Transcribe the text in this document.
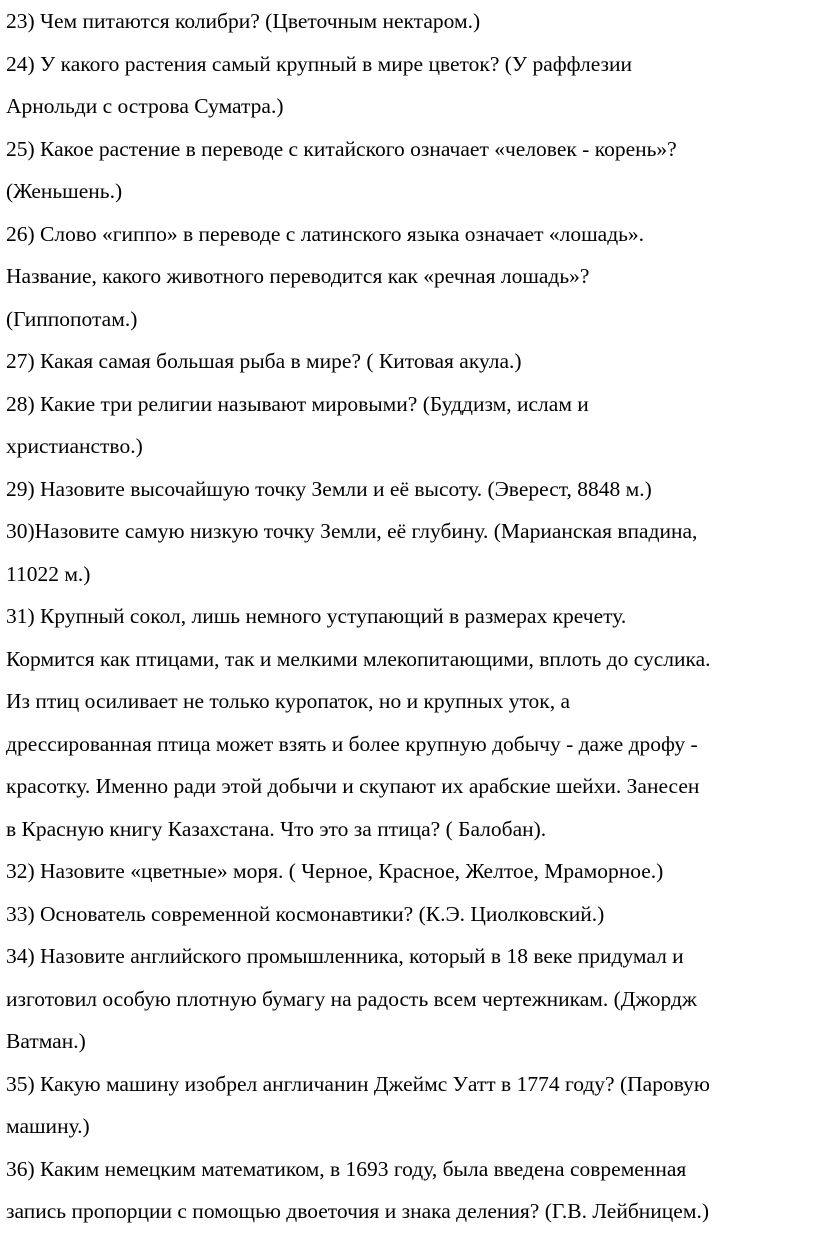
23) Чем питаются колибри? (Цветочным нектаром.)
24) У какого растения самый крупный в мире цветок? (У раффлезии
Арнольди с острова Суматра.)
25) Какое растение в переводе с китайского означает «человек - корень»?
(Женьшень.)
26) Слово «гиппо» в переводе с латинского языка означает «лошадь».
Название, какого животного переводится как «речная лошадь»?
(Гиппопотам.)
27) Какая самая большая рыба в мире? ( Китовая акула.)
28) Какие три религии называют мировыми? (Буддизм, ислам и
христианство.)
29) Назовите высочайшую точку Земли и её высоту. (Эверест, 8848 м.)
30)Назовите самую низкую точку Земли, её глубину. (Марианская впадина,
11022 м.)
31) Крупный сокол, лишь немного уступающий в размерах кречету.
Кормится как птицами, так и мелкими млекопитающими, вплоть до суслика.
Из птиц осиливает не только куропаток, но и крупных уток, а
дрессированная птица может взять и более крупную добычу - даже дрофу -
красотку. Именно ради этой добычи и скупают их арабские шейхи. Занесен
в Красную книгу Казахстана. Что это за птица? ( Балобан).
32) Назовите «цветные» моря. ( Черное, Красное, Желтое, Мраморное.)
33) Основатель современной космонавтики? (К.Э. Циолковский.)
34) Назовите английского промышленника, который в 18 веке придумал и
изготовил особую плотную бумагу на радость всем чертежникам. (Джордж
Ватман.)
35) Какую машину изобрел англичанин Джеймс Уатт в 1774 году? (Паровую
машину.)
36) Каким немецким математиком, в 1693 году, была введена современная
запись пропорции с помощью двоеточия и знака деления? (Г.В. Лейбницем.)
